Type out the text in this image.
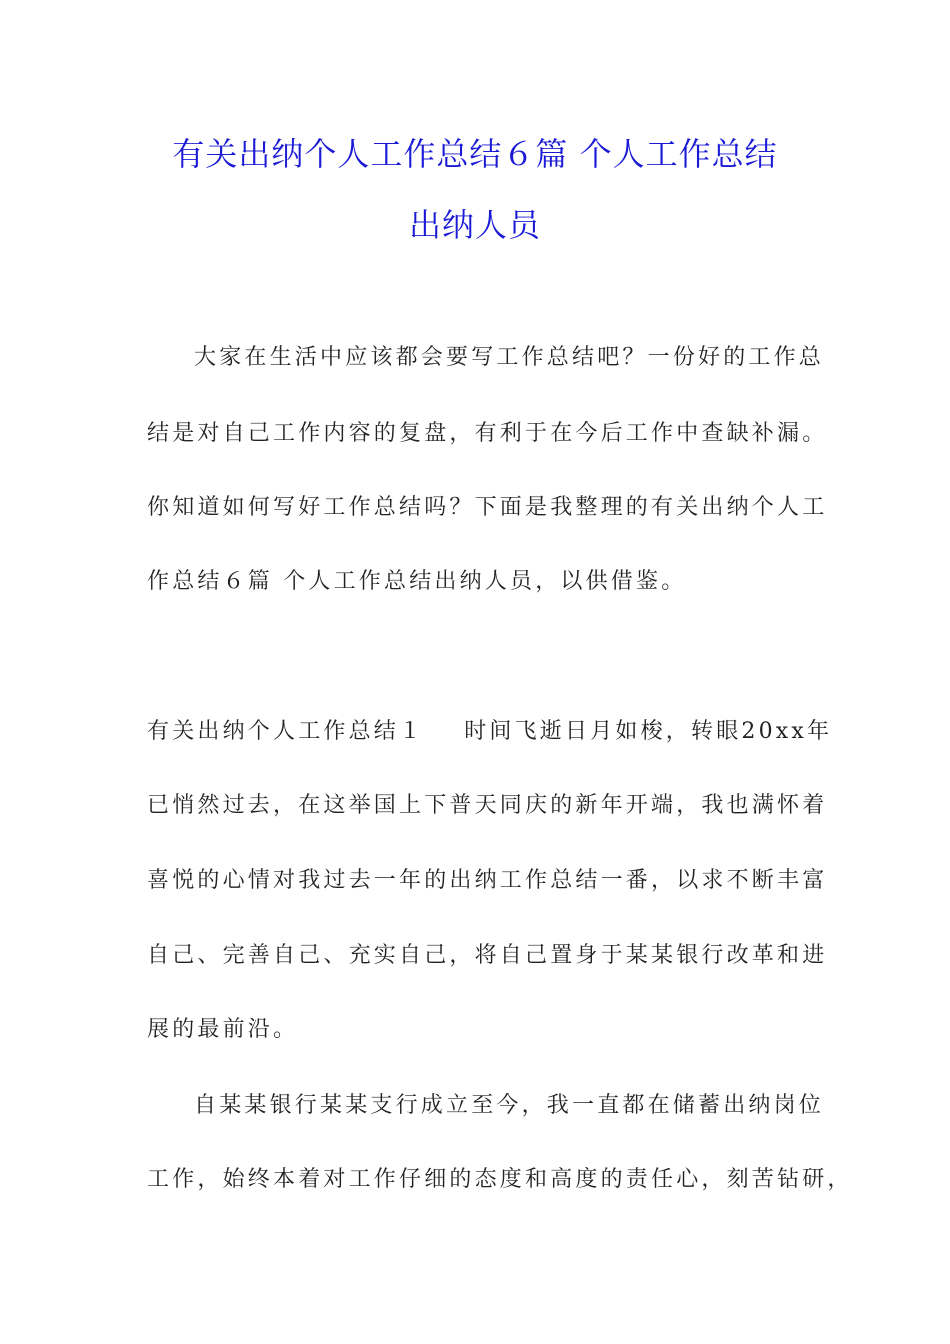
有关出纳个人工作总结６篇 个人工作总结
出纳人员
大家在生活中应该都会要写工作总结吧？一份好的工作总
结是对自己工作内容的复盘，有利于在今后工作中查缺补漏。
你知道如何写好工作总结吗？下面是我整理的有关出纳个人工
作总结６篇 个人工作总结出纳人员，以供借鉴。
有关出纳个人工作总结１ 时间飞逝日月如梭，转眼20xx年
已悄然过去，在这举国上下普天同庆的新年开端，我也满怀着
喜悦的心情对我过去一年的出纳工作总结一番，以求不断丰富
自己、完善自己、充实自己，将自己置身于某某银行改革和进
展的最前沿。
自某某银行某某支行成立至今，我一直都在储蓄出纳岗位
工作，始终本着对工作仔细的态度和高度的责任心，刻苦钻研，
